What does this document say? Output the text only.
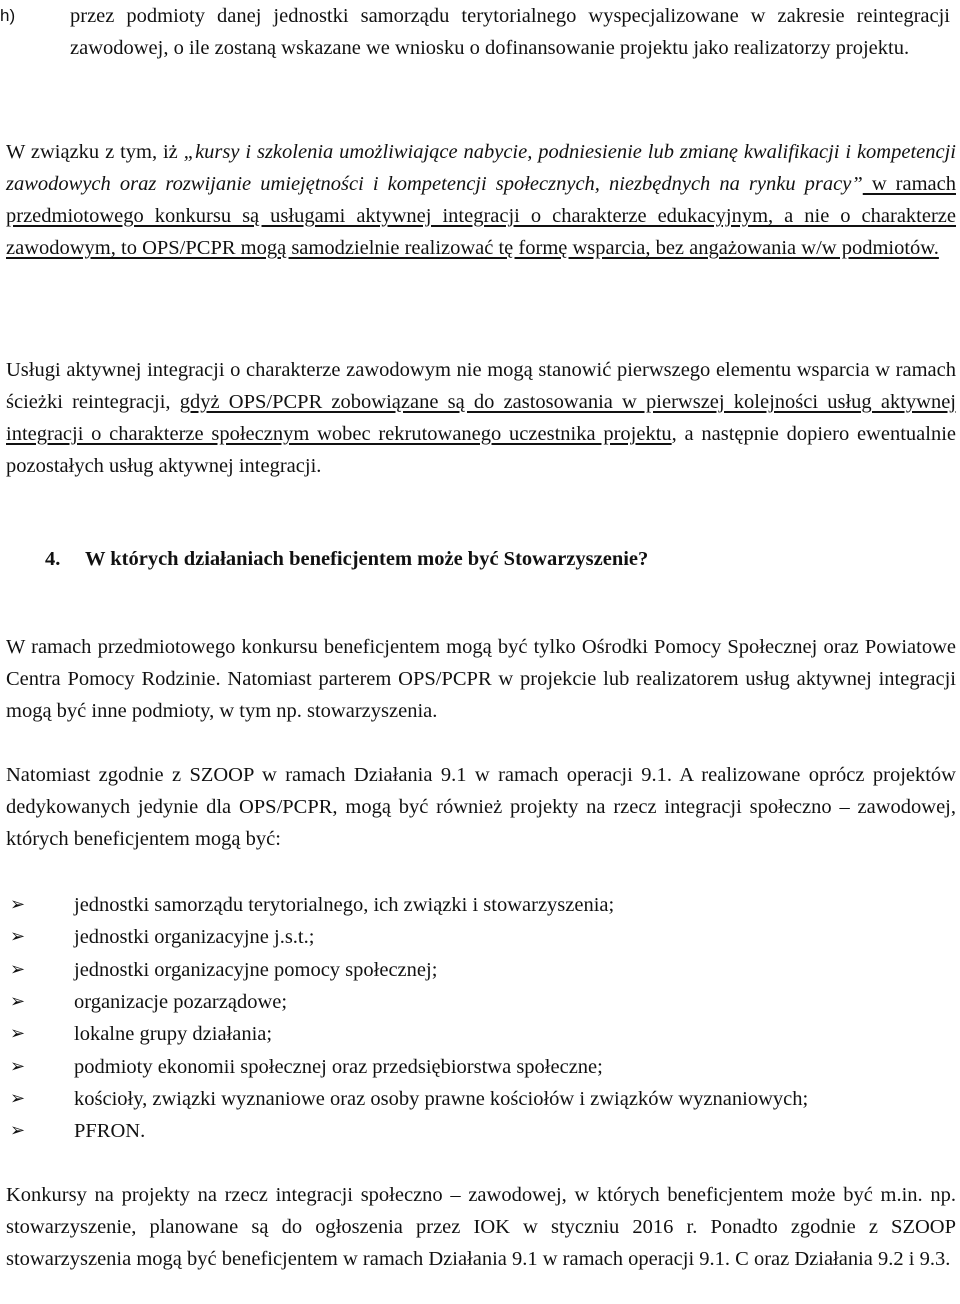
h)	przez podmioty danej jednostki samorządu terytorialnego wyspecjalizowane w zakresie reintegracji zawodowej, o ile zostaną wskazane we wniosku o dofinansowanie projektu jako realizatorzy projektu.

W związku z tym, iż „kursy i szkolenia umożliwiające nabycie, podniesienie lub zmianę kwalifikacji i kompetencji zawodowych oraz rozwijanie umiejętności i kompetencji społecznych, niezbędnych na rynku pracy” w ramach przedmiotowego konkursu są usługami aktywnej integracji o charakterze edukacyjnym, a nie o charakterze zawodowym, to OPS/PCPR mogą samodzielnie realizować tę formę wsparcia, bez angażowania w/w podmiotów.

Usługi aktywnej integracji o charakterze zawodowym nie mogą stanowić pierwszego elementu wsparcia w ramach ścieżki reintegracji, gdyż OPS/PCPR zobowiązane są do zastosowania w pierwszej kolejności usług aktywnej integracji o charakterze społecznym wobec rekrutowanego uczestnika projektu, a następnie dopiero ewentualnie pozostałych usług aktywnej integracji.

4.	W których działaniach beneficjentem może być Stowarzyszenie?

W ramach przedmiotowego konkursu beneficjentem mogą być tylko Ośrodki Pomocy Społecznej oraz Powiatowe Centra Pomocy Rodzinie. Natomiast parterem OPS/PCPR w projekcie lub realizatorem usług aktywnej integracji mogą być inne podmioty, w tym np. stowarzyszenia.

Natomiast zgodnie z SZOOP w ramach Działania 9.1 w ramach operacji 9.1. A realizowane oprócz projektów dedykowanych jedynie dla OPS/PCPR, mogą być również projekty na rzecz integracji społeczno – zawodowej, których beneficjentem mogą być:

➢	jednostki samorządu terytorialnego, ich związki i stowarzyszenia;
➢	jednostki organizacyjne j.s.t.;
➢	jednostki organizacyjne pomocy społecznej;
➢	organizacje pozarządowe;
➢	lokalne grupy działania;
➢	podmioty ekonomii społecznej oraz przedsiębiorstwa społeczne;
➢	kościoły, związki wyznaniowe oraz osoby prawne kościołów i związków wyznaniowych;
➢	PFRON.

Konkursy na projekty na rzecz integracji społeczno – zawodowej, w których beneficjentem może być m.in. np. stowarzyszenie, planowane są do ogłoszenia przez IOK w styczniu 2016 r. Ponadto zgodnie z SZOOP stowarzyszenia mogą być beneficjentem w ramach Działania 9.1 w ramach operacji 9.1. C oraz Działania 9.2 i 9.3.
